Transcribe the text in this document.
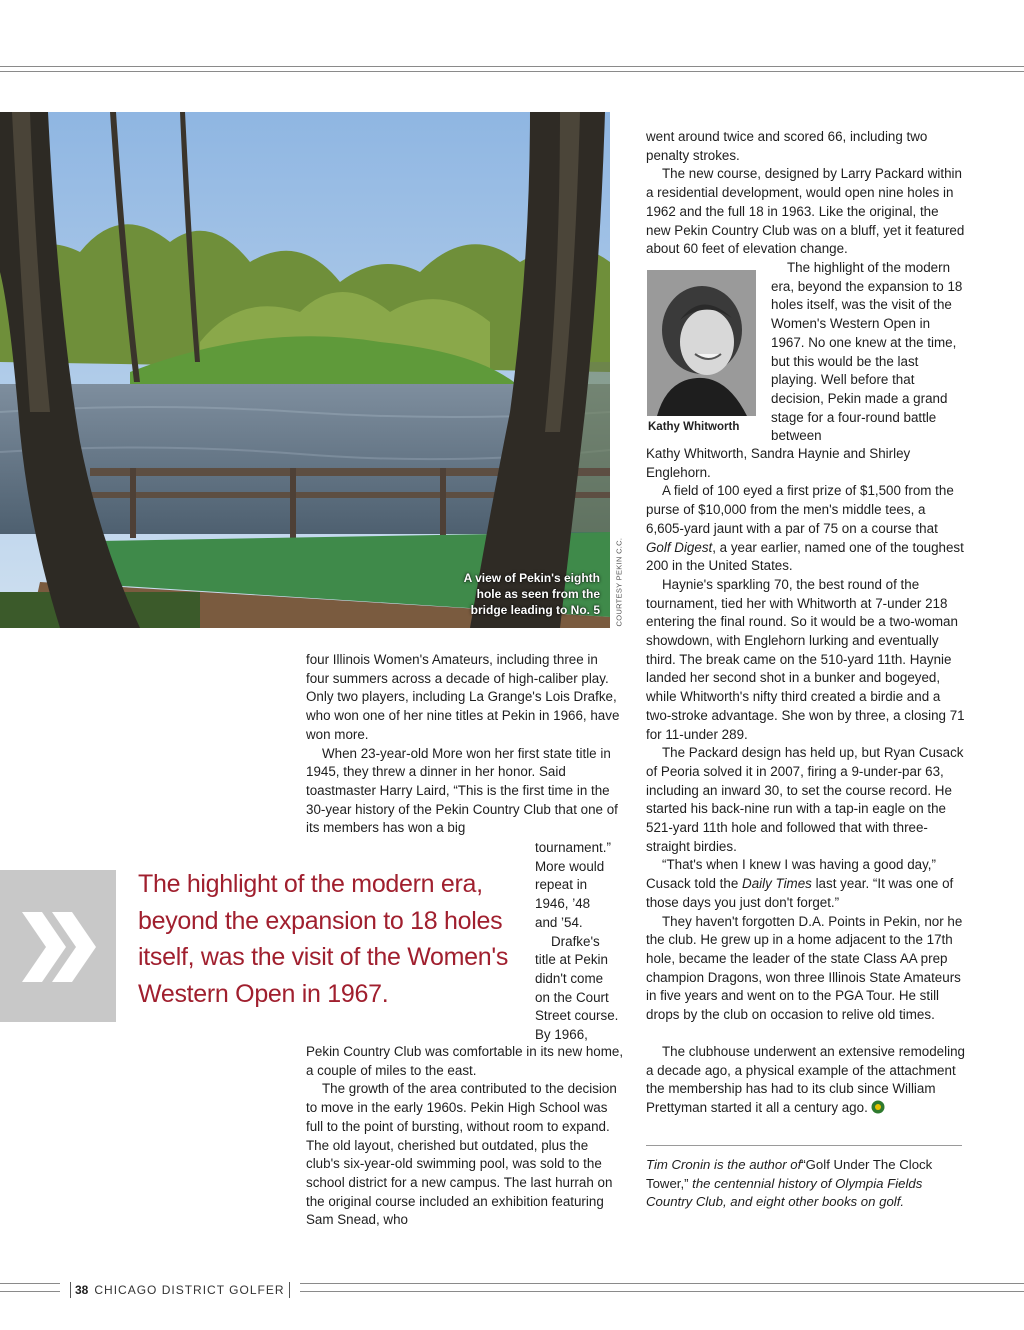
A view of Pekin's eighth hole as seen from the bridge leading to No. 5 COURTESY PEKIN C.C.

four Illinois Women's Amateurs, including three in four summers across a decade of high-caliber play. Only two players, including La Grange's Lois Drafke, who won one of her nine titles at Pekin in 1966, have won more.

When 23-year-old More won her first state title in 1945, they threw a dinner in her honor. Said toastmaster Harry Laird, “This is the first time in the 30-year history of the Pekin Country Club that one of its members has won a big

tournament.”
More would
repeat in
1946, ’48
and ’54.
Drafke's
title at Pekin
didn't come
on the Court
Street course.
By 1966,

Pekin Country Club was comfortable in its new home, a couple of miles to the east.

The growth of the area contributed to the decision to move in the early 1960s. Pekin High School was full to the point of bursting, without room to expand. The old layout, cherished but outdated, plus the club's six-year-old swimming pool, was sold to the school district for a new campus. The last hurrah on the original course included an exhibition featuring Sam Snead, who

The highlight of the modern era, beyond the expansion to 18 holes itself, was the visit of the Women's Western Open in 1967.

went around twice and scored 66, including two penalty strokes.

The new course, designed by Larry Packard within a residential development, would open nine holes in 1962 and the full 18 in 1963. Like the original, the new Pekin Country Club was on a bluff, yet it featured about 60 feet of elevation change.

Kathy Whitworth

The highlight of the modern era, beyond the expansion to 18 holes itself, was the visit of the Women's Western Open in 1967. No one knew at the time, but this would be the last playing. Well before that decision, Pekin made a grand stage for a four-round battle between

Kathy Whitworth, Sandra Haynie and Shirley Englehorn.

A field of 100 eyed a first prize of $1,500 from the purse of $10,000 from the men's middle tees, a 6,605-yard jaunt with a par of 75 on a course that Golf Digest, a year earlier, named one of the toughest 200 in the United States.

Haynie's sparkling 70, the best round of the tournament, tied her with Whitworth at 7-under 218 entering the final round. So it would be a two-woman showdown, with Englehorn lurking and eventually third. The break came on the 510-yard 11th. Haynie landed her second shot in a bunker and bogeyed, while Whitworth's nifty third created a birdie and a two-stroke advantage. She won by three, a closing 71 for 11-under 289.

The Packard design has held up, but Ryan Cusack of Peoria solved it in 2007, firing a 9-under-par 63, including an inward 30, to set the course record. He started his back-nine run with a tap-in eagle on the 521-yard 11th hole and followed that with three-straight birdies.

“That's when I knew I was having a good day,” Cusack told the Daily Times last year. “It was one of those days you just don't forget.”

They haven't forgotten D.A. Points in Pekin, nor he the club. He grew up in a home adjacent to the 17th hole, became the leader of the state Class AA prep champion Dragons, won three Illinois State Amateurs in five years and went on to the PGA Tour. He still drops by the club on occasion to relive old times.

The clubhouse underwent an extensive remodeling a decade ago, a physical example of the attachment the membership has had to its club since William Prettyman started it all a century ago.

Tim Cronin is the author of“Golf Under The Clock Tower,” the centennial history of Olympia Fields Country Club, and eight other books on golf.
38 CHICAGO DISTRICT GOLFER
